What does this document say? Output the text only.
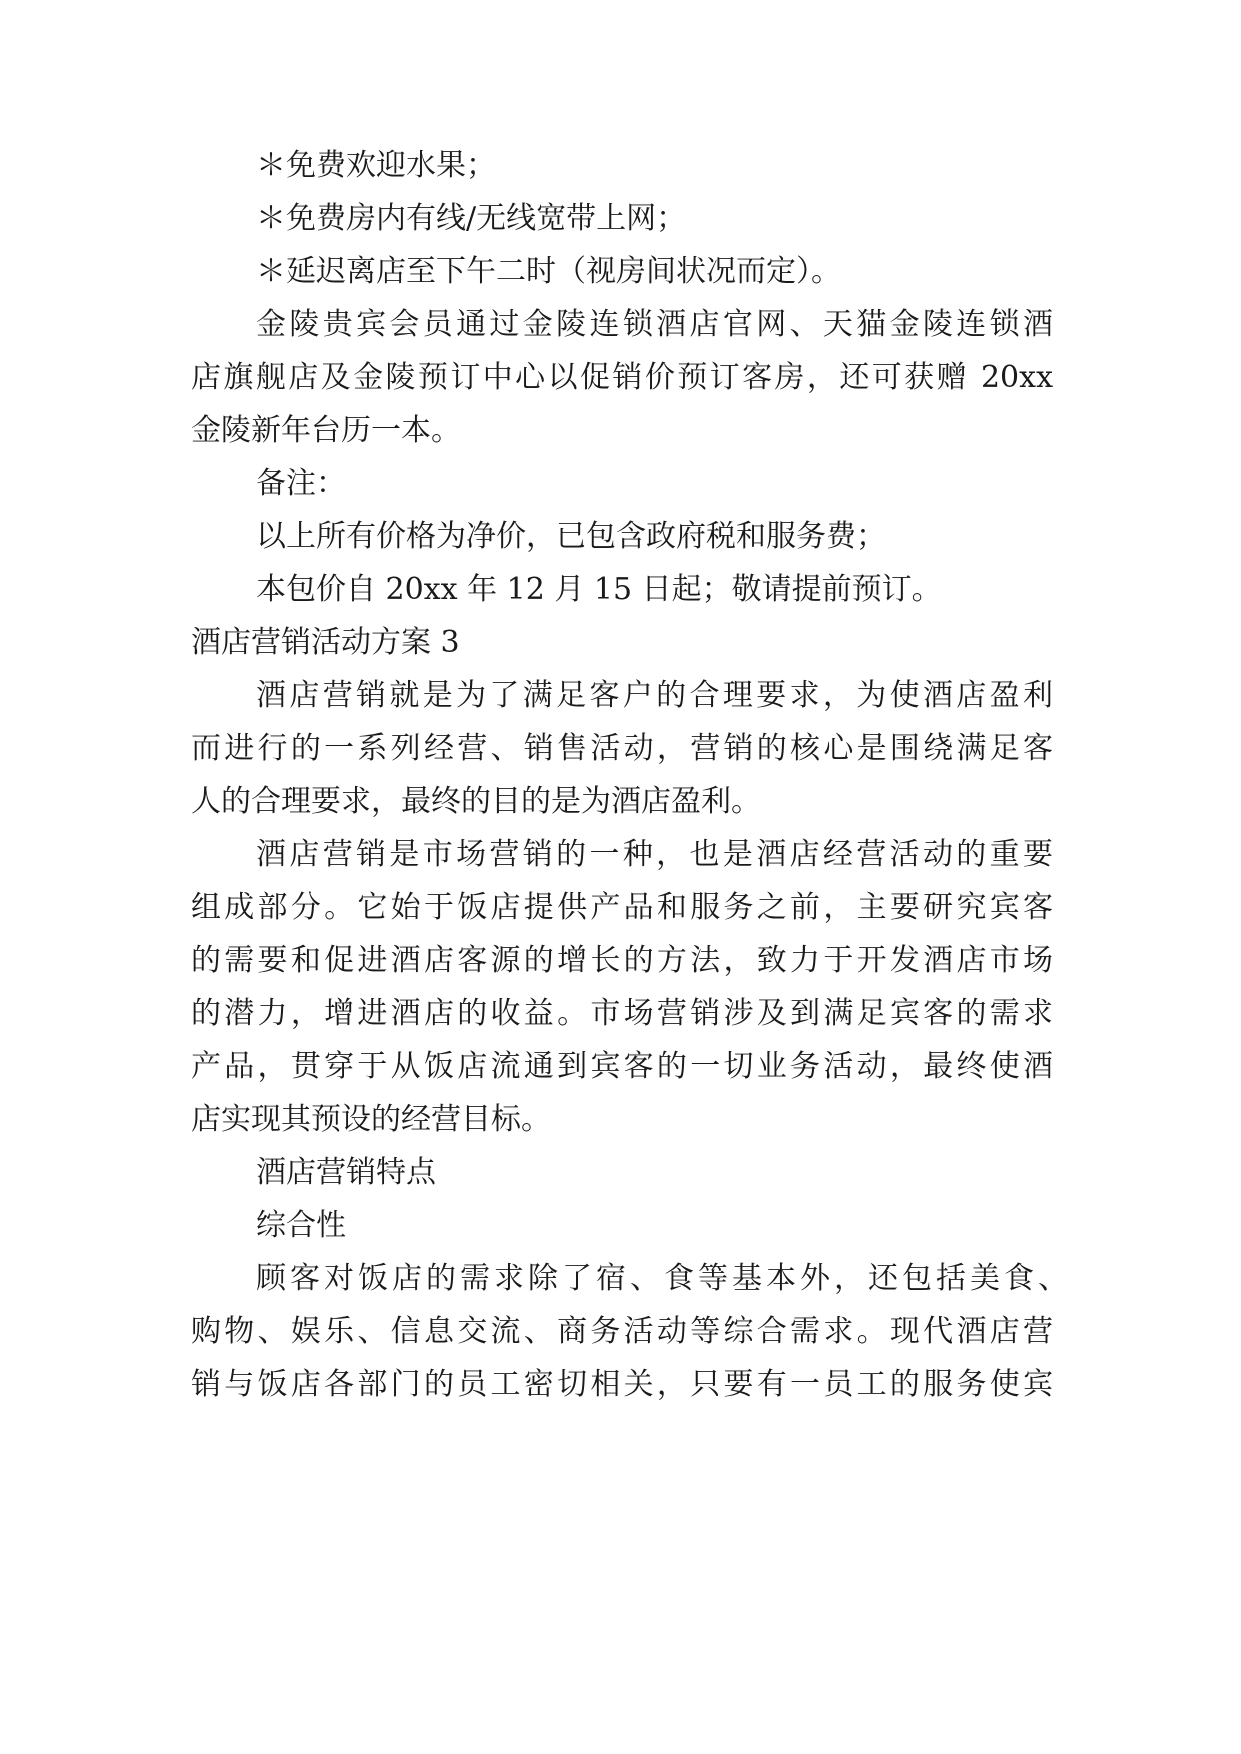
＊免费欢迎水果；

＊免费房内有线/无线宽带上网；

＊延迟离店至下午二时（视房间状况而定）。

金陵贵宾会员通过金陵连锁酒店官网、天猫金陵连锁酒

店旗舰店及金陵预订中心以促销价预订客房，还可获赠 20xx

金陵新年台历一本。

备注：

以上所有价格为净价，已包含政府税和服务费；

本包价自 20xx 年 12 月 15 日起；敬请提前预订。

酒店营销活动方案 3

酒店营销就是为了满足客户的合理要求，为使酒店盈利

而进行的一系列经营、销售活动，营销的核心是围绕满足客

人的合理要求，最终的目的是为酒店盈利。

酒店营销是市场营销的一种，也是酒店经营活动的重要

组成部分。它始于饭店提供产品和服务之前，主要研究宾客

的需要和促进酒店客源的增长的方法，致力于开发酒店市场

的潜力，增进酒店的收益。市场营销涉及到满足宾客的需求

产品，贯穿于从饭店流通到宾客的一切业务活动，最终使酒

店实现其预设的经营目标。

酒店营销特点

综合性

顾客对饭店的需求除了宿、食等基本外，还包括美食、

购物、娱乐、信息交流、商务活动等综合需求。现代酒店营

销与饭店各部门的员工密切相关，只要有一员工的服务使宾
